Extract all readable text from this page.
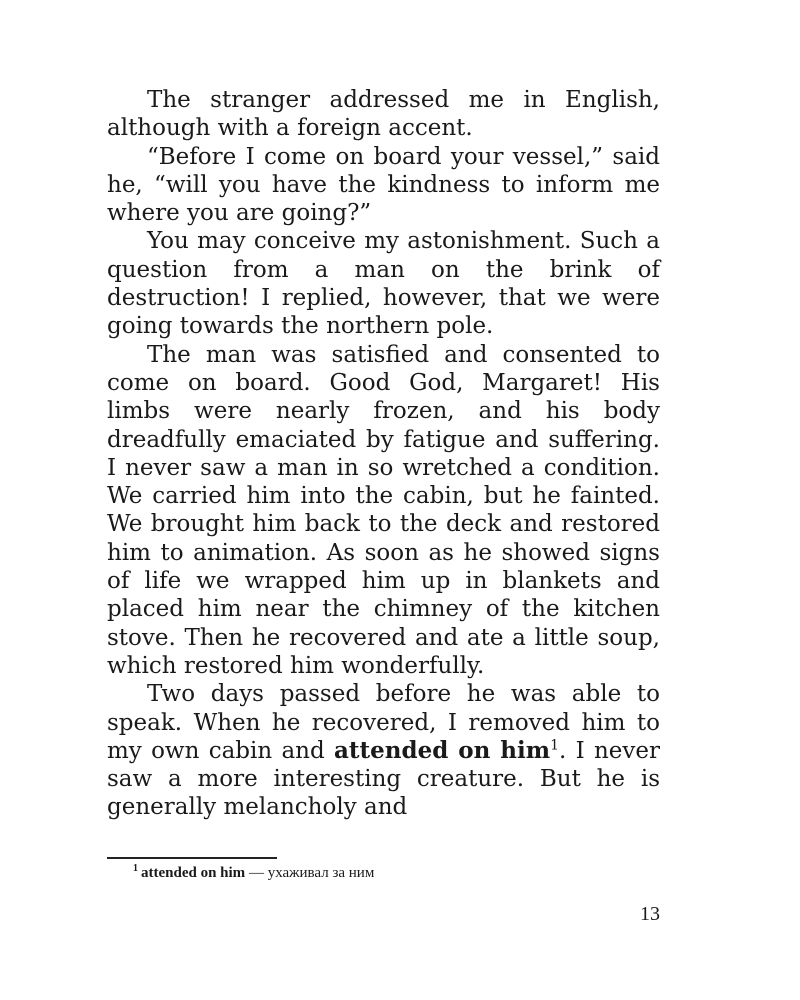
The stranger addressed me in English, although with a foreign accent.

“Before I come on board your vessel,” said he, “will you have the kindness to inform me where you are going?”

You may conceive my astonishment. Such a question from a man on the brink of destruction! I replied, however, that we were going towards the northern pole.

The man was satisfied and consented to come on board. Good God, Margaret! His limbs were nearly frozen, and his body dreadfully emaciated by fatigue and suffering. I never saw a man in so wretched a condition. We carried him into the cabin, but he fainted. We brought him back to the deck and restored him to animation. As soon as he showed signs of life we wrapped him up in blankets and placed him near the chimney of the kitchen stove. Then he recovered and ate a little soup, which restored him wonderfully.

Two days passed before he was able to speak. When he recovered, I removed him to my own cabin and attended on him$^1$. I never saw a more interesting creature. But he is generally melancholy and

$^1$ attended on him — ухаживал за ним
13
